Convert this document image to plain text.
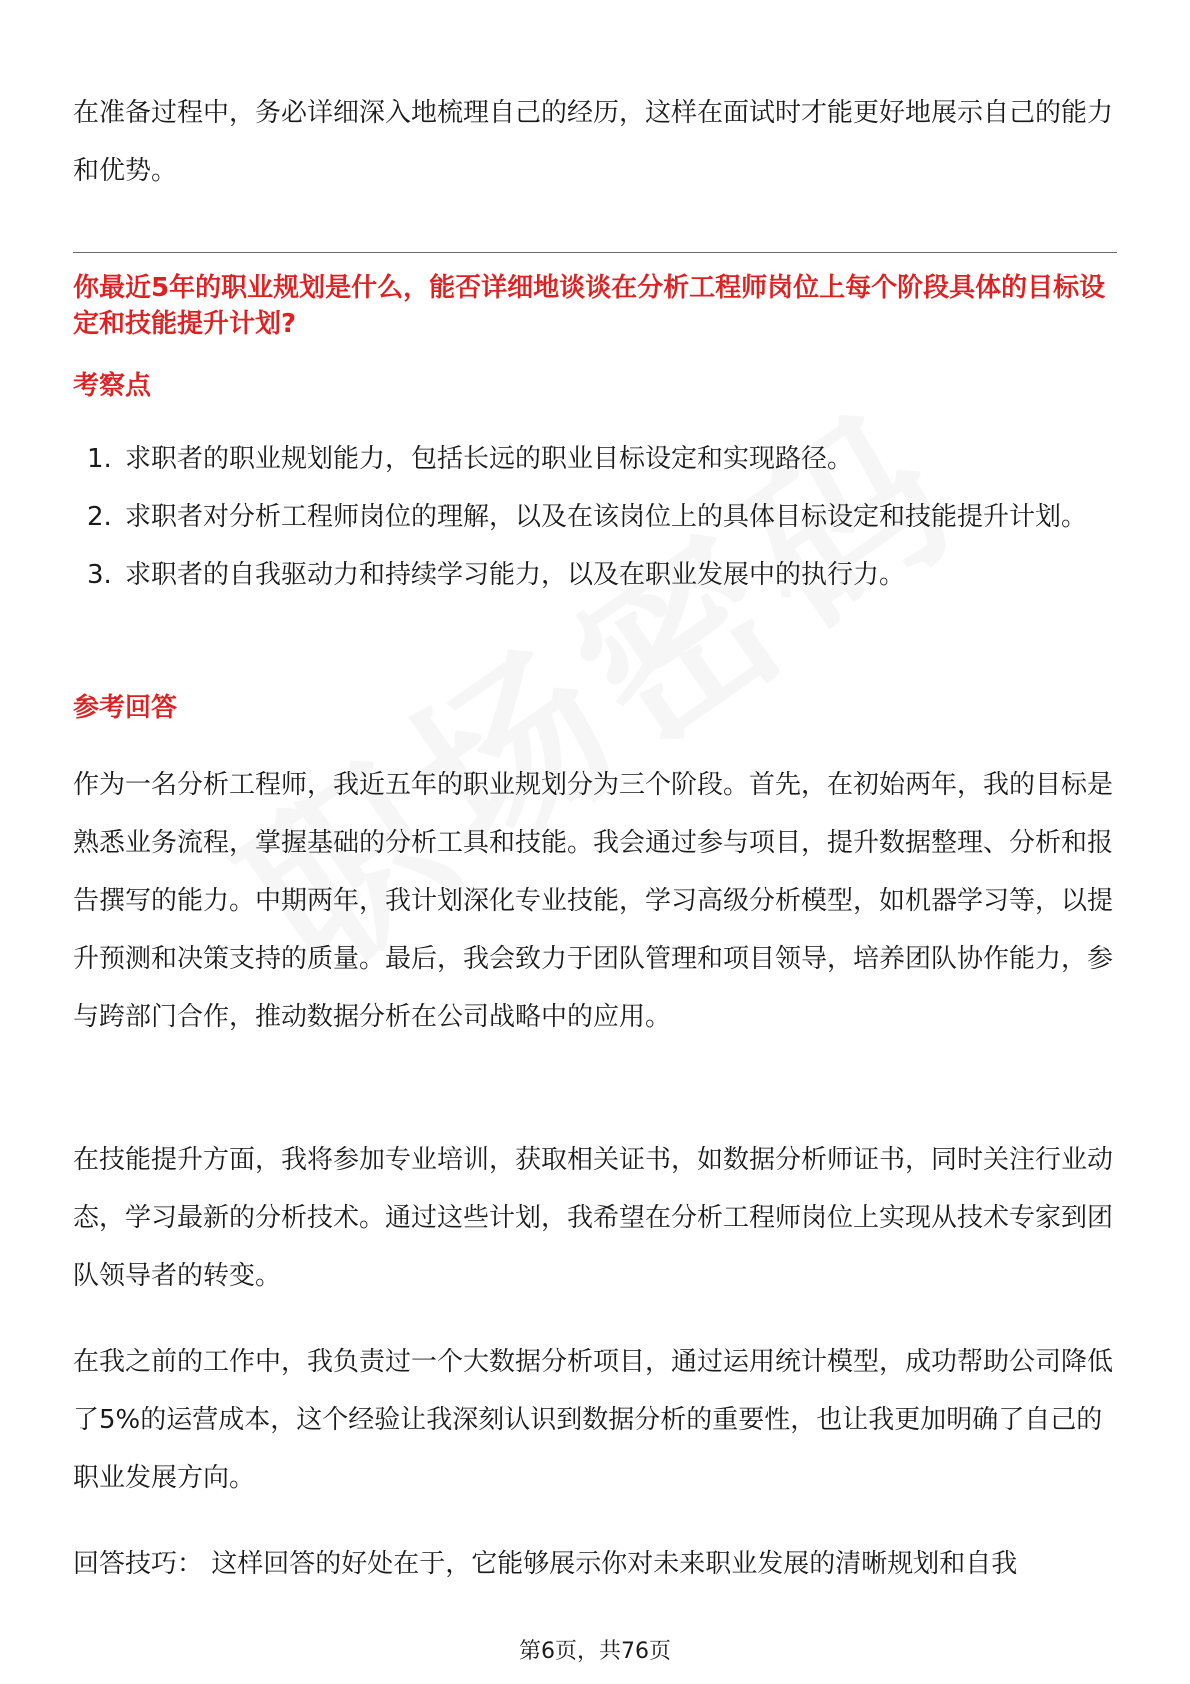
在准备过程中，务必详细深入地梳理自己的经历，这样在面试时才能更好地展示自己的能力和优势。

你最近5年的职业规划是什么，能否详细地谈谈在分析工程师岗位上每个阶段具体的目标设定和技能提升计划?
考察点
1. 求职者的职业规划能力，包括长远的职业目标设定和实现路径。
2. 求职者对分析工程师岗位的理解，以及在该岗位上的具体目标设定和技能提升计划。
3. 求职者的自我驱动力和持续学习能力，以及在职业发展中的执行力。
参考回答

作为一名分析工程师，我近五年的职业规划分为三个阶段。首先，在初始两年，我的目标是熟悉业务流程，掌握基础的分析工具和技能。我会通过参与项目，提升数据整理、分析和报告撰写的能力。中期两年，我计划深化专业技能，学习高级分析模型，如机器学习等，以提升预测和决策支持的质量。最后，我会致力于团队管理和项目领导，培养团队协作能力，参与跨部门合作，推动数据分析在公司战略中的应用。

在技能提升方面，我将参加专业培训，获取相关证书，如数据分析师证书，同时关注行业动态，学习最新的分析技术。通过这些计划，我希望在分析工程师岗位上实现从技术专家到团队领导者的转变。

在我之前的工作中，我负责过一个大数据分析项目，通过运用统计模型，成功帮助公司降低了5%的运营成本，这个经验让我深刻认识到数据分析的重要性，也让我更加明确了自己的职业发展方向。

回答技巧： 这样回答的好处在于，它能够展示你对未来职业发展的清晰规划和自我

第6页，共76页
